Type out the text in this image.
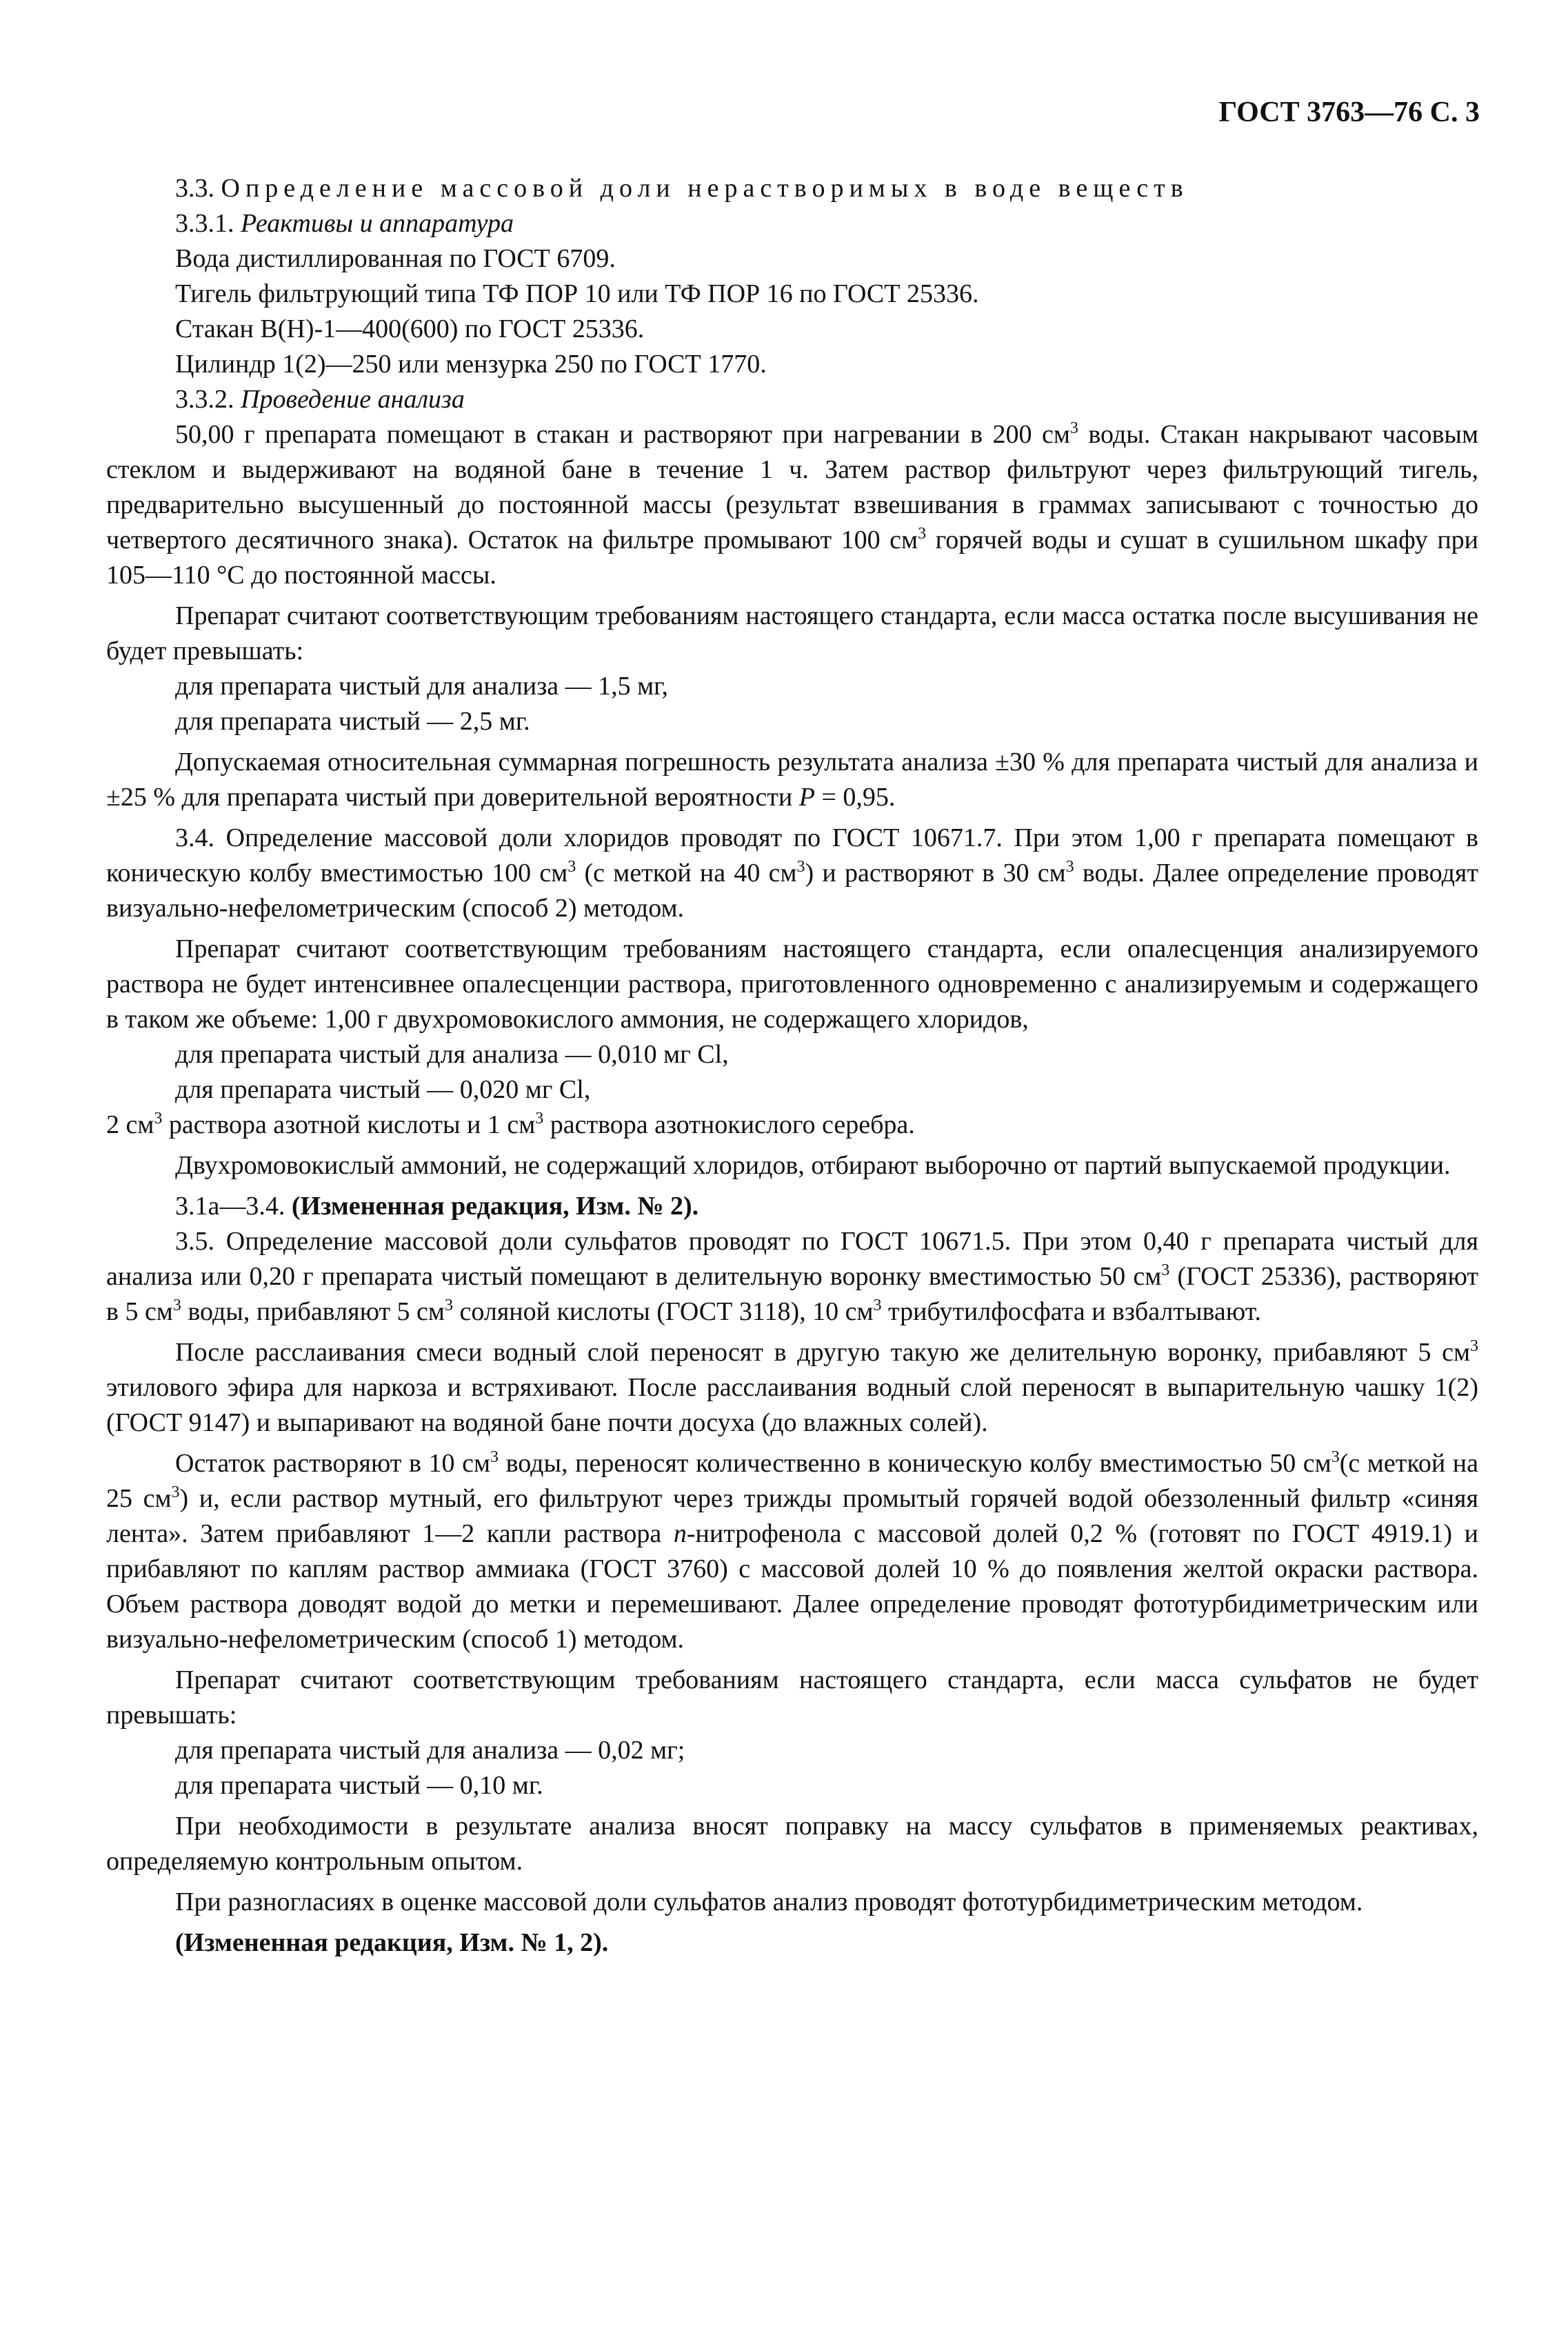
ГОСТ 3763—76 С. 3

3.3. Определение массовой доли нерастворимых в воде веществ

3.3.1. Реактивы и аппаратура

Вода дистиллированная по ГОСТ 6709.

Тигель фильтрующий типа ТФ ПОР 10 или ТФ ПОР 16 по ГОСТ 25336.

Стакан В(Н)-1—400(600) по ГОСТ 25336.

Цилиндр 1(2)—250 или мензурка 250 по ГОСТ 1770.

3.3.2. Проведение анализа

50,00 г препарата помещают в стакан и растворяют при нагревании в 200 $см^3$ воды. Стакан накрывают часовым стеклом и выдерживают на водяной бане в течение 1 ч. Затем раствор фильтруют через фильтрующий тигель, предварительно высушенный до постоянной массы (результат взвешивания в граммах записывают с точностью до четвертого десятичного знака). Остаток на фильтре промывают 100 $см^3$ горячей воды и сушат в сушильном шкафу при 105—110 °С до постоянной массы.

Препарат считают соответствующим требованиям настоящего стандарта, если масса остатка после высушивания не будет превышать:

для препарата чистый для анализа — 1,5 мг,

для препарата чистый — 2,5 мг.

Допускаемая относительная суммарная погрешность результата анализа ±30 % для препарата чистый для анализа и ±25 % для препарата чистый при доверительной вероятности Р = 0,95.

3.4. Определение массовой доли хлоридов проводят по ГОСТ 10671.7. При этом 1,00 г препарата помещают в коническую колбу вместимостью 100 $см^3$ (с меткой на 40 $см^3$) и растворяют в 30 $см^3$ воды. Далее определение проводят визуально-нефелометрическим (способ 2) методом.

Препарат считают соответствующим требованиям настоящего стандарта, если опалесценция анализируемого раствора не будет интенсивнее опалесценции раствора, приготовленного одновременно с анализируемым и содержащего в таком же объеме: 1,00 г двухромовокислого аммония, не содержащего хлоридов,

для препарата чистый для анализа — 0,010 мг Cl,

для препарата чистый — 0,020 мг Cl,

2 $см^3$ раствора азотной кислоты и 1 $см^3$ раствора азотнокислого серебра.

Двухромовокислый аммоний, не содержащий хлоридов, отбирают выборочно от партий выпускаемой продукции.

3.1а—3.4. (Измененная редакция, Изм. № 2).

3.5. Определение массовой доли сульфатов проводят по ГОСТ 10671.5. При этом 0,40 г препарата чистый для анализа или 0,20 г препарата чистый помещают в делительную воронку вместимостью 50 $см^3$ (ГОСТ 25336), растворяют в 5 $см^3$ воды, прибавляют 5 $см^3$ соляной кислоты (ГОСТ 3118), 10 $см^3$ трибутилфосфата и взбалтывают.

После расслаивания смеси водный слой переносят в другую такую же делительную воронку, прибавляют 5 $см^3$ этилового эфира для наркоза и встряхивают. После расслаивания водный слой переносят в выпарительную чашку 1(2) (ГОСТ 9147) и выпаривают на водяной бане почти досуха (до влажных солей).

Остаток растворяют в 10 $см^3$ воды, переносят количественно в коническую колбу вместимостью 50 $см^3(с$ меткой на 25 $см^3$) и, если раствор мутный, его фильтруют через трижды промытый горячей водой обеззоленный фильтр «синяя лента». Затем прибавляют 1—2 капли раствора n-нитрофенола с массовой долей 0,2 % (готовят по ГОСТ 4919.1) и прибавляют по каплям раствор аммиака (ГОСТ 3760) с массовой долей 10 % до появления желтой окраски раствора. Объем раствора доводят водой до метки и перемешивают. Далее определение проводят фототурбидиметрическим или визуально-нефелометрическим (способ 1) методом.

Препарат считают соответствующим требованиям настоящего стандарта, если масса сульфатов не будет превышать:

для препарата чистый для анализа — 0,02 мг;

для препарата чистый — 0,10 мг.

При необходимости в результате анализа вносят поправку на массу сульфатов в применяемых реактивах, определяемую контрольным опытом.

При разногласиях в оценке массовой доли сульфатов анализ проводят фототурбидиметрическим методом.

(Измененная редакция, Изм. № 1, 2).
